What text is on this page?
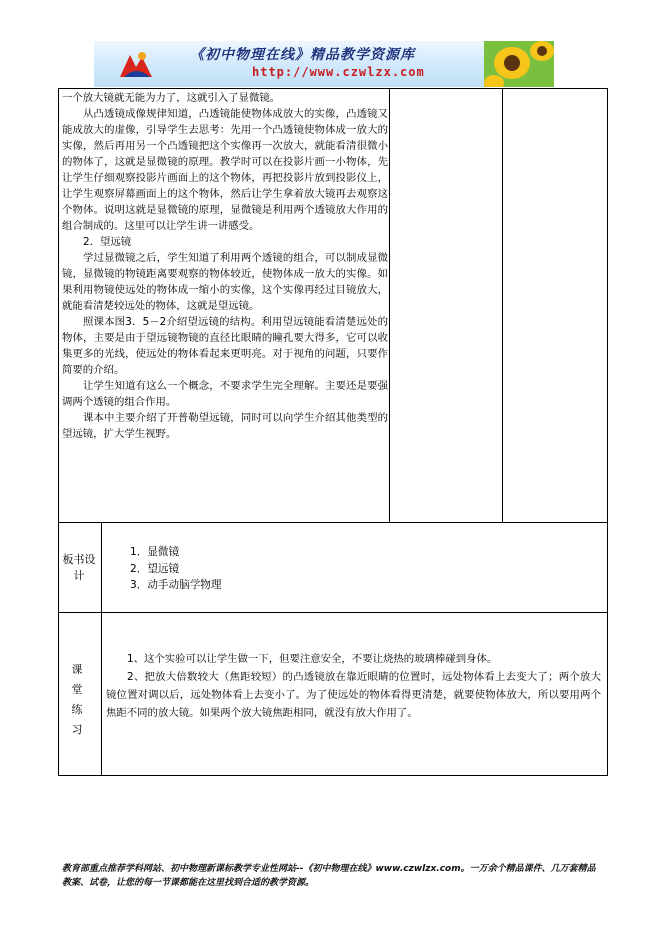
《初中物理在线》精品教学资源库
http://www.czwlzx.com

一个放大镜就无能为力了，这就引入了显微镜。

从凸透镜成像规律知道，凸透镜能使物体成放大的实像，凸透镜又能成放大的虚像，引导学生去思考：先用一个凸透镜使物体成一放大的实像，然后再用另一个凸透镜把这个实像再一次放大，就能看清很微小的物体了，这就是显微镜的原理。教学时可以在投影片画一小物体，先让学生仔细观察投影片画面上的这个物体，再把投影片放到投影仪上，让学生观察屏幕画面上的这个物体，然后让学生拿着放大镜再去观察这个物体。说明这就是显微镜的原理，显微镜是利用两个透镜放大作用的组合制成的。这里可以让学生讲一讲感受。

2．望远镜

学过显微镜之后，学生知道了利用两个透镜的组合，可以制成显微镜，显微镜的物镜距离要观察的物体较近，使物体成一放大的实像。如果利用物镜使远处的物体成一缩小的实像，这个实像再经过目镜放大，就能看清楚较远处的物体，这就是望远镜。

照课本图3．5－2介绍望远镜的结构。利用望远镜能看清楚远处的物体，主要是由于望远镜物镜的直径比眼睛的瞳孔要大得多，它可以收集更多的光线，使远处的物体看起来更明亮。对于视角的问题，只要作简要的介绍。

让学生知道有这么一个概念，不要求学生完全理解。主要还是要强调两个透镜的组合作用。

课本中主要介绍了开普勒望远镜，同时可以向学生介绍其他类型的望远镜，扩大学生视野。

板书设计
1．显微镜
2．望远镜
3．动手动脑学物理
课堂练习

1、这个实验可以让学生做一下，但要注意安全，不要让烧热的玻璃棒碰到身体。

2、把放大倍数较大（焦距较短）的凸透镜放在靠近眼睛的位置时，远处物体看上去变大了；两个放大镜位置对调以后，远处物体看上去变小了。为了使远处的物体看得更清楚，就要使物体放大，所以要用两个焦距不同的放大镜。如果两个放大镜焦距相同，就没有放大作用了。

教育部重点推荐学科网站、初中物理新课标教学专业性网站--《初中物理在线》www.czwlzx.com。一万余个精品课件、几万套精品教案、试卷，让您的每一节课都能在这里找到合适的教学资源。
